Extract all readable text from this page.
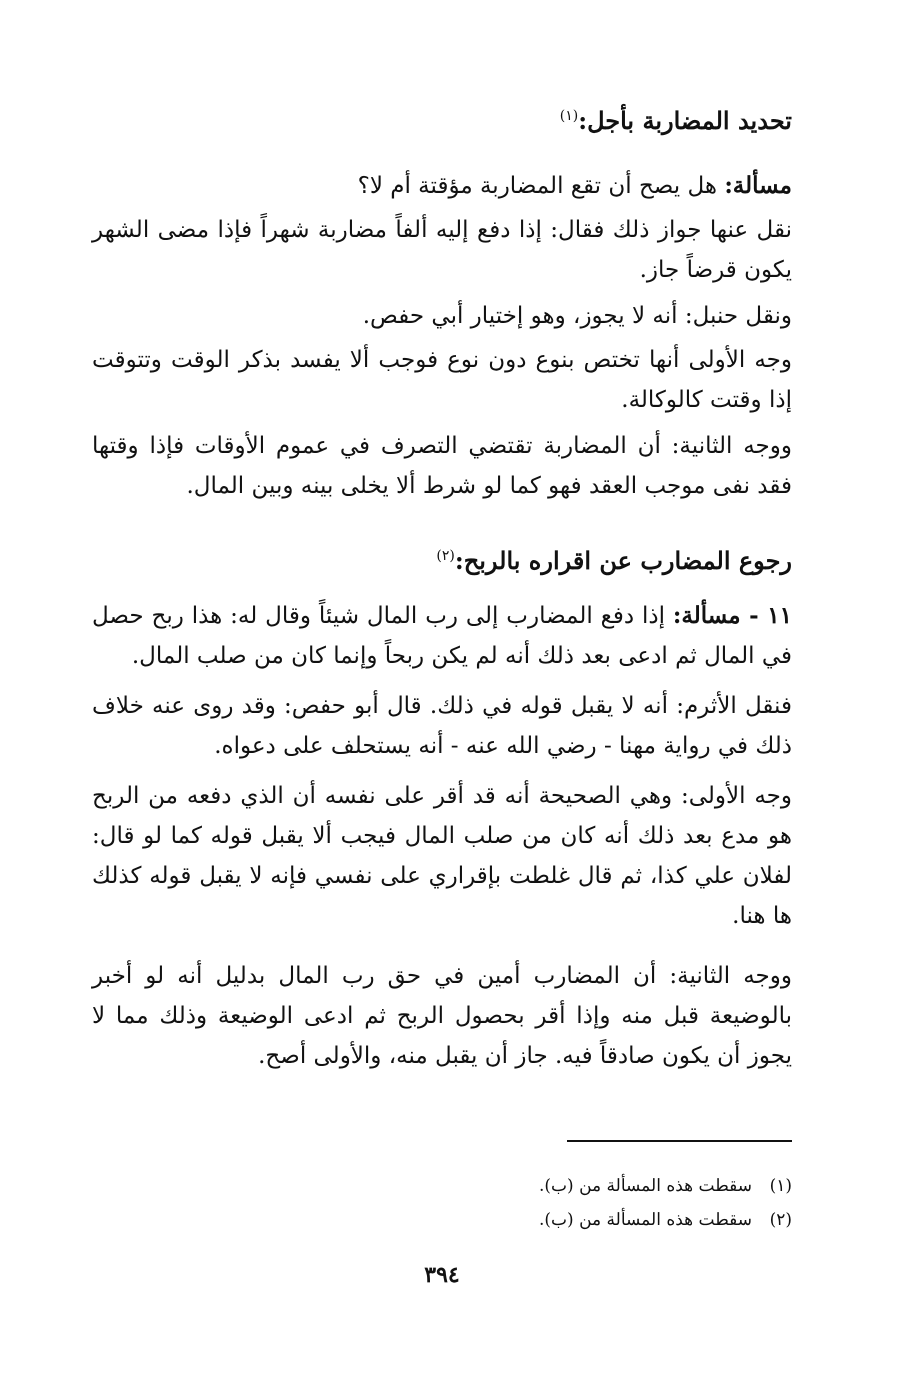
تحديد المضاربة بأجل:$^{(١)}$
مسألة: هل يصح أن تقع المضاربة مؤقتة أم لا؟
نقل عنها جواز ذلك فقال: إذا دفع إليه ألفاً مضاربة شهراً فإذا مضى الشهر يكون قرضاً جاز.
ونقل حنبل: أنه لا يجوز، وهو إختيار أبي حفص.
وجه الأولى أنها تختص بنوع دون نوع فوجب ألا يفسد بذكر الوقت وتتوقت إذا وقتت كالوكالة.
ووجه الثانية: أن المضاربة تقتضي التصرف في عموم الأوقات فإذا وقتها فقد نفى موجب العقد فهو كما لو شرط ألا يخلى بينه وبين المال.
رجوع المضارب عن اقراره بالربح:$^{(٢)}$
١١ - مسألة: إذا دفع المضارب إلى رب المال شيئاً وقال له: هذا ربح حصل في المال ثم ادعى بعد ذلك أنه لم يكن ربحاً وإنما كان من صلب المال.
فنقل الأثرم: أنه لا يقبل قوله في ذلك. قال أبو حفص: وقد روى عنه خلاف ذلك في رواية مهنا - رضي الله عنه - أنه يستحلف على دعواه.
وجه الأولى: وهي الصحيحة أنه قد أقر على نفسه أن الذي دفعه من الربح هو مدع بعد ذلك أنه كان من صلب المال فيجب ألا يقبل قوله كما لو قال: لفلان علي كذا، ثم قال غلطت بإقراري على نفسي فإنه لا يقبل قوله كذلك ها هنا.
ووجه الثانية: أن المضارب أمين في حق رب المال بدليل أنه لو أخبر بالوضيعة قبل منه وإذا أقر بحصول الربح ثم ادعى الوضيعة وذلك مما لا يجوز أن يكون صادقاً فيه. جاز أن يقبل منه، والأولى أصح.
(١)سقطت هذه المسألة من (ب).
(٢)سقطت هذه المسألة من (ب).
٣٩٤
